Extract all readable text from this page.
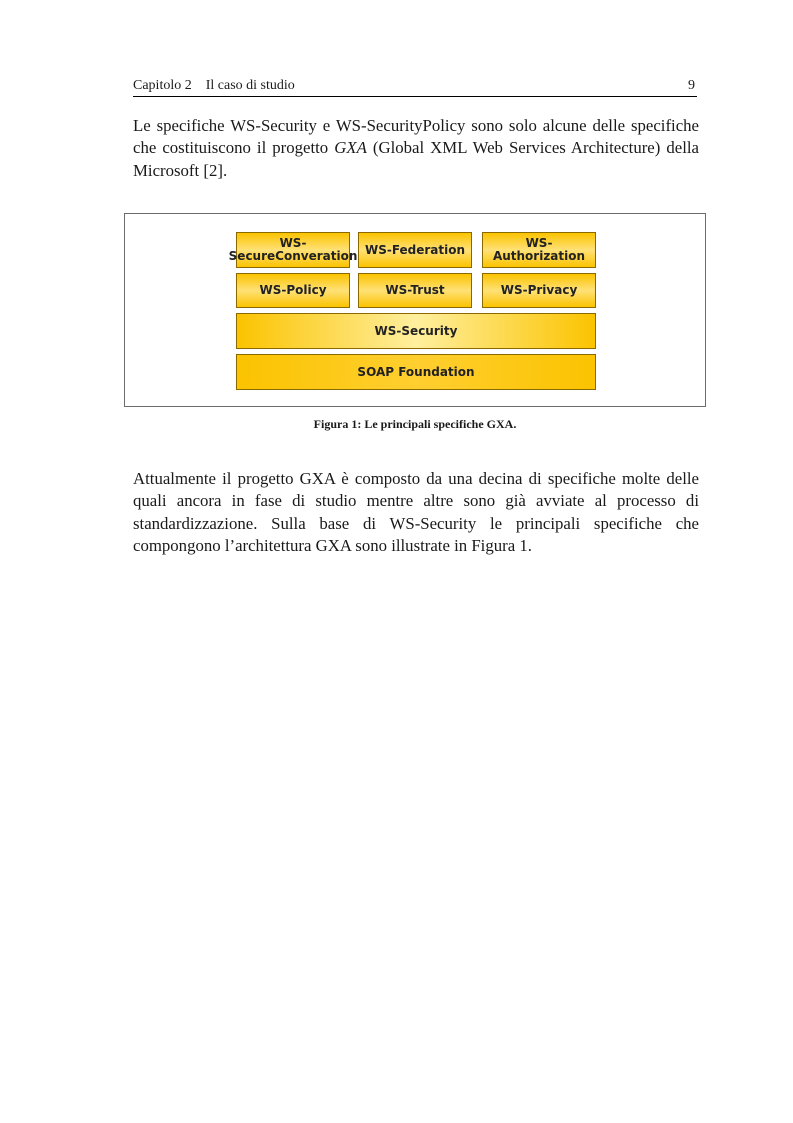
Capitolo 2 Il caso di studio	9

Le specifiche WS-Security e WS-SecurityPolicy sono solo alcune delle specifiche che costituiscono il progetto GXA (Global XML Web Services Architecture) della Microsoft [2].

WS-
SecureConveration WS-Federation	WS-Authorization
WS-Policy	WS-Trust	WS-Privacy
WS-Security
SOAP Foundation
Figura 1: Le principali specifiche GXA.

Attualmente il progetto GXA è composto da una decina di specifiche molte delle quali ancora in fase di studio mentre altre sono già avviate al processo di standardizzazione. Sulla base di WS-Security le principali specifiche che compongono l’architettura GXA sono illustrate in Figura 1.
